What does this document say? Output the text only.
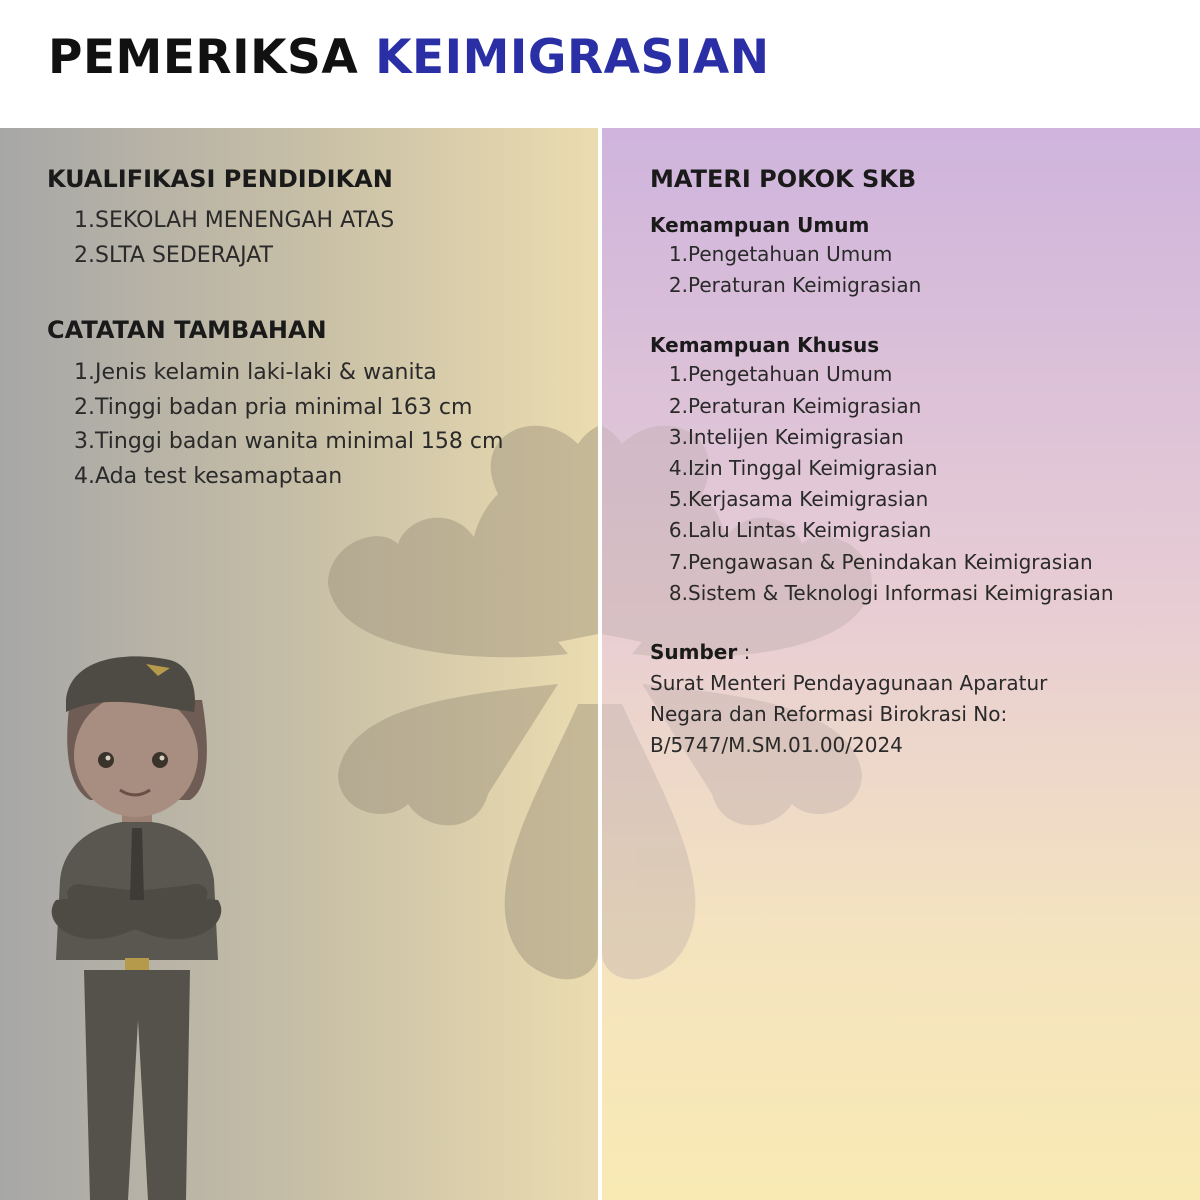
PEMERIKSA KEIMIGRASIAN
KUALIFIKASI PENDIDIKAN
1. SEKOLAH MENENGAH ATAS
2. SLTA SEDERAJAT
CATATAN TAMBAHAN
1. Jenis kelamin laki-laki & wanita
2. Tinggi badan pria minimal 163 cm
3. Tinggi badan wanita minimal 158 cm
4. Ada test kesamaptaan
MATERI POKOK SKB
Kemampuan Umum
1. Pengetahuan Umum
2. Peraturan Keimigrasian
Kemampuan Khusus
1. Pengetahuan Umum
2. Peraturan Keimigrasian
3. Intelijen Keimigrasian
4. Izin Tinggal Keimigrasian
5. Kerjasama Keimigrasian
6. Lalu Lintas Keimigrasian
7. Pengawasan & Penindakan Keimigrasian
8. Sistem & Teknologi Informasi Keimigrasian
Sumber :
Surat Menteri Pendayagunaan Aparatur
Negara dan Reformasi Birokrasi No:
B/5747/M.SM.01.00/2024
